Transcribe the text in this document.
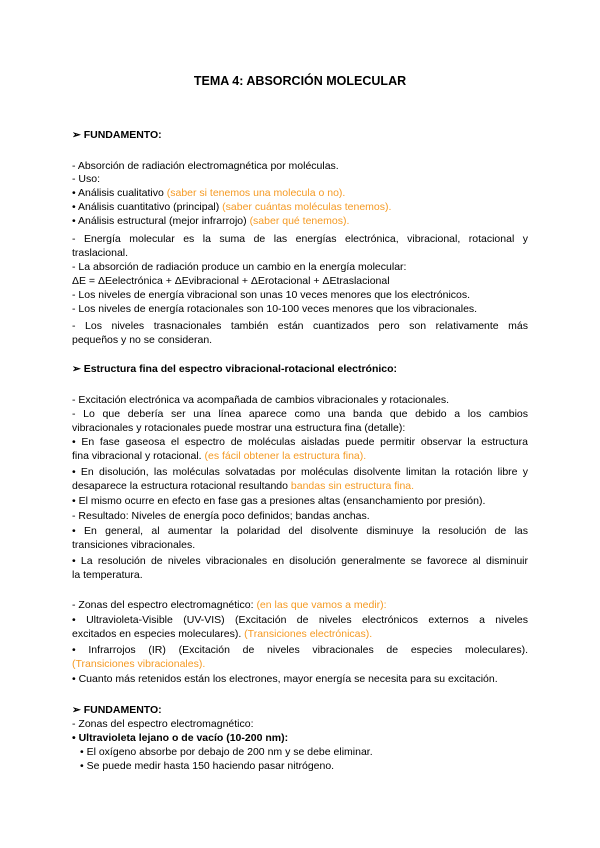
TEMA 4: ABSORCIÓN MOLECULAR
➢ FUNDAMENTO:
- Absorción de radiación electromagnética por moléculas.
- Uso:
• Análisis cualitativo (saber si tenemos una molecula o no).
• Análisis cuantitativo (principal) (saber cuántas moléculas tenemos).
• Análisis estructural (mejor infrarrojo) (saber qué tenemos).
- Energía molecular es la suma de las energías electrónica, vibracional, rotacional y
traslacional.
- La absorción de radiación produce un cambio en la energía molecular:
ΔE = ΔEelectrónica + ΔEvibracional + ΔErotacional + ΔEtraslacional
- Los niveles de energía vibracional son unas 10 veces menores que los electrónicos.
- Los niveles de energía rotacionales son 10-100 veces menores que los vibracionales.
- Los niveles trasnacionales también están cuantizados pero son relativamente más
pequeños y no se consideran.
➢ Estructura fina del espectro vibracional-rotacional electrónico:
- Excitación electrónica va acompañada de cambios vibracionales y rotacionales.
- Lo que debería ser una línea aparece como una banda que debido a los cambios
vibracionales y rotacionales puede mostrar una estructura fina (detalle):
• En fase gaseosa el espectro de moléculas aisladas puede permitir observar la estructura
fina vibracional y rotacional. (es fácil obtener la estructura fina).
• En disolución, las moléculas solvatadas por moléculas disolvente limitan la rotación libre y
desaparece la estructura rotacional resultando bandas sin estructura fina.
• El mismo ocurre en efecto en fase gas a presiones altas (ensanchamiento por presión).
- Resultado: Niveles de energía poco definidos; bandas anchas.
• En general, al aumentar la polaridad del disolvente disminuye la resolución de las
transiciones vibracionales.
• La resolución de niveles vibracionales en disolución generalmente se favorece al disminuir
la temperatura.
- Zonas del espectro electromagnético: (en las que vamos a medir):
• Ultravioleta-Visible (UV-VIS) (Excitación de niveles electrónicos externos a niveles
excitados en especies moleculares). (Transiciones electrónicas).
• Infrarrojos (IR) (Excitación de niveles vibracionales de especies moleculares).
(Transiciones vibracionales).
• Cuanto más retenidos están los electrones, mayor energía se necesita para su excitación.
➢ FUNDAMENTO:
- Zonas del espectro electromagnético:
• Ultravioleta lejano o de vacío (10-200 nm):
• El oxígeno absorbe por debajo de 200 nm y se debe eliminar.
• Se puede medir hasta 150 haciendo pasar nitrógeno.
